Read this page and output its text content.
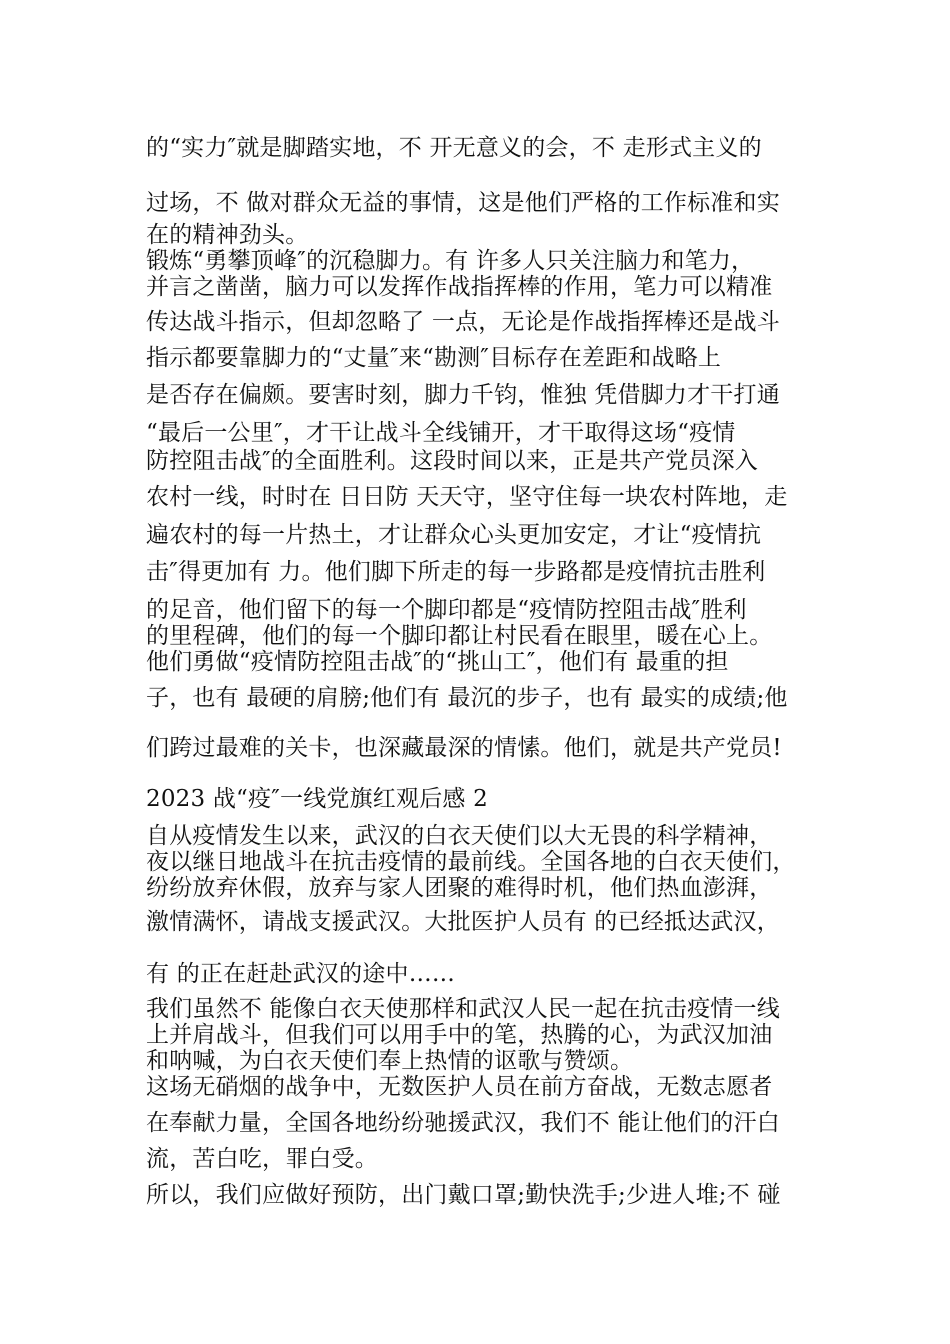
的“实力″就是脚踏实地，不 开无意义的会，不 走形式主义的
过场，不 做对群众无益的事情，这是他们严格的工作标准和实
在的精神劲头。
锻炼“勇攀顶峰″的沉稳脚力。有 许多人只关注脑力和笔力，
并言之凿凿，脑力可以发挥作战指挥棒的作用，笔力可以精准
传达战斗指示，但却忽略了 一点，无论是作战指挥棒还是战斗
指示都要靠脚力的“丈量″来“勘测″目标存在差距和战略上
是否存在偏颇。要害时刻，脚力千钧，惟独 凭借脚力才干打通
“最后一公里″，才干让战斗全线铺开，才干取得这场“疫情
防控阻击战″的全面胜利。这段时间以来，正是共产党员深入
农村一线，时时在 日日防 天天守，坚守住每一块农村阵地，走
遍农村的每一片热土，才让群众心头更加安定，才让“疫情抗
击″得更加有 力。他们脚下所走的每一步路都是疫情抗击胜利
的足音，他们留下的每一个脚印都是“疫情防控阻击战″胜利
的里程碑，他们的每一个脚印都让村民看在眼里，暖在心上。
他们勇做“疫情防控阻击战″的“挑山工″，他们有 最重的担
子，也有 最硬的肩膀;他们有 最沉的步子，也有 最实的成绩;他
们跨过最难的关卡，也深藏最深的情愫。他们，就是共产党员!
2023 战“疫″一线党旗红观后感 2
自从疫情发生以来，武汉的白衣天使们以大无畏的科学精神，
夜以继日地战斗在抗击疫情的最前线。全国各地的白衣天使们，
纷纷放弃休假，放弃与家人团聚的难得时机，他们热血澎湃，
激情满怀，请战支援武汉。大批医护人员有 的已经抵达武汉，
有 的正在赶赴武汉的途中……
我们虽然不 能像白衣天使那样和武汉人民一起在抗击疫情一线
上并肩战斗，但我们可以用手中的笔，热腾的心，为武汉加油
和呐喊，为白衣天使们奉上热情的讴歌与赞颂。
这场无硝烟的战争中，无数医护人员在前方奋战，无数志愿者
在奉献力量，全国各地纷纷驰援武汉，我们不 能让他们的汗白
流，苦白吃，罪白受。
所以，我们应做好预防，出门戴口罩;勤快洗手;少进人堆;不 碰
